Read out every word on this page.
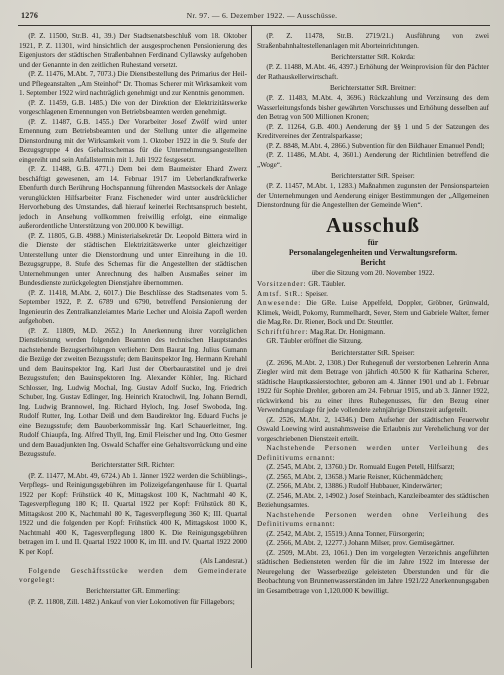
1276	Nr. 97. — 6. Dezember 1922. — Ausschüsse.

(P. Z. 11500, Str.B. 41, 39.) Der Stadtsenatsbeschluß vom 18. Oktober 1921, P. Z. 11301, wird hinsichtlich der ausgesprochenen Pensionierung des Eigenjustors der städtischen Straßenbahnen Ferdinand Cyllawsky aufgehoben und der Genannte in den zeitlichen Ruhestand versetzt.

(P. Z. 11476, M.Abt. 7, 7073.) Die Dienstbestellung des Primarius der Heil- und Pflegeanstalten „Am Steinhof“ Dr. Thomas Scherer mit Wirksamkeit vom 1. September 1922 wird nachträglich genehmigt und zur Kenntnis genommen.

(P. Z. 11459, G.B. 1485.) Die von der Direktion der Elektrizitätswerke vorgeschlagenen Ernennungen von Betriebsbeamten werden genehmigt.

(P. Z. 11487, G.B. 1455.) Der Vorarbeiter Josef Zwölf wird unter Ernennung zum Betriebsbeamten und der Stellung unter die allgemeine Dienstordnung mit der Wirksamkeit vom 1. Oktober 1922 in die 9. Stufe der Bezugsgruppe 4 des Gehaltsschemas für die Unternehmungsangestellten eingereiht und sein Anfallstermin mit 1. Juli 1922 festgesetzt.

(P. Z. 11488, G.B. 4771.) Dem bei dem Baumeister Ehard Zwerz beschäftigt gewesenen, am 14. Februar 1917 im Ueberlandkraftwerke Ebenfurth durch Berührung Hochspannung führenden Mastsockels der Anlage verunglückten Hilfsarbeiter Franz Fischeneder wird unter ausdrücklicher Hervorhebung des Umstandes, daß hierauf keinerlei Rechtsanspruch besteht, jedoch in Ansehung vollkommen freiwillig erfolgt, eine einmalige außerordentliche Unterstützung von 200.000 K bewilligt.

(P. Z. 11805, G.B. 4988.) Ministerialsekretär Dr. Leopold Bittera wird in die Dienste der städtischen Elektrizitätswerke unter gleichzeitiger Unterstellung unter die Dienstordnung und unter Einreihung in die 10. Bezugsgruppe, 8. Stufe des Schemas für die Angestellten der städtischen Unternehmungen unter Anrechnung des halben Ausmaßes seiner im Bundesdienste zurückgelegten Dienstjahre übernommen.

(P. Z. 11418, M.Abt. 2, 6017.) Die Beschlüsse des Stadtsenates vom 5. September 1922, P. Z. 6789 und 6790, betreffend Pensionierung der Ingenieurin des Zentralkanzleiamtes Marie Lecher und Aloisia Zapofl werden aufgehoben.

(P. Z. 11809, M.D. 2652.) In Anerkennung ihrer vorzüglichen Dienstleistung werden folgenden Beamten des technischen Hauptstandes nachstehende Bezugserhöhungen verliehen: Dem Baurat Ing. Julius Gumann die Bezüge der zweiten Bezugsstufe; dem Bauinspektor Ing. Hermann Krehahl und dem Bauinspektor Ing. Karl Just der Oberbauratstitel und je drei Bezugsstufen; den Bauinspektoren Ing. Alexander Köhler, Ing. Richard Schlosser, Ing. Ludwig Mochal, Ing. Gustav Adolf Sucko, Ing. Friedrich Schuber, Ing. Gustav Edlinger, Ing. Heinrich Kratochwil, Ing. Johann Berndl, Ing. Ludwig Brannowel, Ing. Richard Hyloch, Ing. Josef Swoboda, Ing. Rudolf Rutter, Ing. Lothar Deiß und dem Baudirektor Ing. Eduard Fuchs je eine Bezugsstufe; dem Bauoberkommissär Ing. Karl Schauerleitner, Ing. Rudolf Chiaupfa, Ing. Alfred Thyll, Ing. Emil Fleischer und Ing. Otto Gesmer und dem Bauadjunkten Ing. Oswald Schaffer eine Gehaltsvorrückung und eine Bezugsstufe.

Berichterstatter StR. Richter:

(P. Z. 11477, M.Abt. 49, 6724.) Ab 1. Jänner 1922 werden die Schüblings-, Verpflegs- und Reinigungsgebühren im Polizeigefangenhause für I. Quartal 1922 per Kopf: Frühstück 40 K, Mittagskost 100 K, Nachtmahl 40 K, Tagesverpflegung 180 K; II. Quartal 1922 per Kopf: Frühstück 80 K, Mittagskost 200 K, Nachtmahl 80 K, Tagesverpflegung 360 K; III. Quartal 1922 und die folgenden per Kopf: Frühstück 400 K, Mittagskost 1000 K, Nachtmahl 400 K, Tagesverpflegung 1800 K. Die Reinigungsgebühren betragen im I. und II. Quartal 1922 1000 K, im III. und IV. Quartal 1922 2000 K per Kopf.

(Als Landesrat.)

Folgende Geschäftsstücke werden dem Gemeinderate vorgelegt:

Berichterstatter GR. Emmerling:

(P. Z. 11808, Zill. 1482.) Ankauf von vier Lokomotiven für Fillagebors;

(P. Z. 11478, Str.B. 2719/21.) Ausführung von zwei Straßenbahnhaltestellenanlagen mit Aborteinrichtungen.

Berichterstatter StR. Kokrda:

(P. Z. 11488, M.Abt. 46, 4397.) Erhöhung der Weinprovision für den Pächter der Rathauskellerwirtschaft.

Berichterstatter StR. Breitner:

(P. Z. 11483, M.Abt. 4, 3696.) Rückzahlung und Verzinsung des dem Wasserleitungsfonds bisher gewährten Vorschusses und Erhöhung desselben auf den Betrag von 500 Millionen Kronen;

(P. Z. 11264, G.B. 400.) Aenderung der §§ 1 und 5 der Satzungen des Kreditvereines der Zentralsparkasse;

(P. Z. 8848, M.Abt. 4, 2866.) Subvention für den Bildhauer Emanuel Pendl;

(P. Z. 11486, M.Abt. 4, 3601.) Aenderung der Richtlinien betreffend die „Woge“.

Berichterstatter StR. Speiser:

(P. Z. 11457, M.Abt. 1, 1283.) Maßnahmen zugunsten der Pensionsparteien der Unternehmungen und Aenderung einiger Bestimmungen der „Allgemeinen Dienstordnung für die Angestellten der Gemeinde Wien“.

Ausschuß

für

Personalangelegenheiten und Verwaltungsreform.

Bericht

über die Sitzung vom 20. November 1922.

Vorsitzender: GR. Täubler.

Amtsf. StR.: Speiser.

Anwesende: Die GRe. Luise Appelfeld, Doppler, Gröbner, Grünwald, Klimek, Weidl, Pokorny, Rummelhardt, Sever, Stern und Gabriele Walter, ferner die Mag.Re. Dr. Riener, Bock und Dr. Steuttler.

Schriftführer: Mag.Rat. Dr. Honigmann.

GR. Täubler eröffnet die Sitzung.

Berichterstatter StR. Speiser:

(Z. 2696, M.Abt. 2, 1308.) Der Ruhegenuß der verstorbenen Lehrerin Anna Ziegler wird mit dem Betrage von jährlich 40.500 K für Katharina Scherer, städtische Hauptkassierstochter, geboren am 4. Jänner 1901 und ab 1. Februar 1922 für Sophie Drehler, geboren am 24. Februar 1915, und ab 3. Jänner 1922, rückwirkend bis zu einer ihres Ruhegenusses, für den Bezug einer Verwendungszulage für jede vollendete zehnjährige Dienstzeit aufgeteilt.

(Z. 2526, M.Abt. 2, 14346.) Dem Aufseher der städtischen Feuerwehr Oswald Loewing wird ausnahmsweise die Erlaubnis zur Verehelichung vor der vorgeschriebenen Dienstzeit erteilt.

Nachstehende Personen werden unter Verleihung des Definitivums ernannt:

(Z. 2545, M.Abt. 2, 13760.) Dr. Romuald Eugen Petell, Hilfsarzt;

(Z. 2565, M.Abt. 2, 13658.) Marie Reisner, Küchenmädchen;

(Z. 2566, M.Abt. 2, 13886.) Rudolf Hubbauer, Kinderwärter;

(Z. 2546, M.Abt. 2, 14902.) Josef Steinbach, Kanzleibeamter des städtischen Beziehungsamtes.

Nachstehende Personen werden ohne Verleihung des Definitivums ernannt:

(Z. 2542, M.Abt. 2, 15519.) Anna Tonner, Fürsorgerin;

(Z. 2566, M.Abt. 2, 12277.) Johann Milser, prov. Gemüsegärtner.

(Z. 2509, M.Abt. 23, 1061.) Den im vorgelegten Verzeichnis angeführten städtischen Bediensteten werden für die im Jahre 1922 im Interesse der Neuregelung der Wasserbezüge geleisteten Überstunden und für die Beobachtung von Brunnenwasserständen im Jahre 1921/22 Anerkennungsgaben im Gesamtbetrage von 1,120.000 K bewilligt.
